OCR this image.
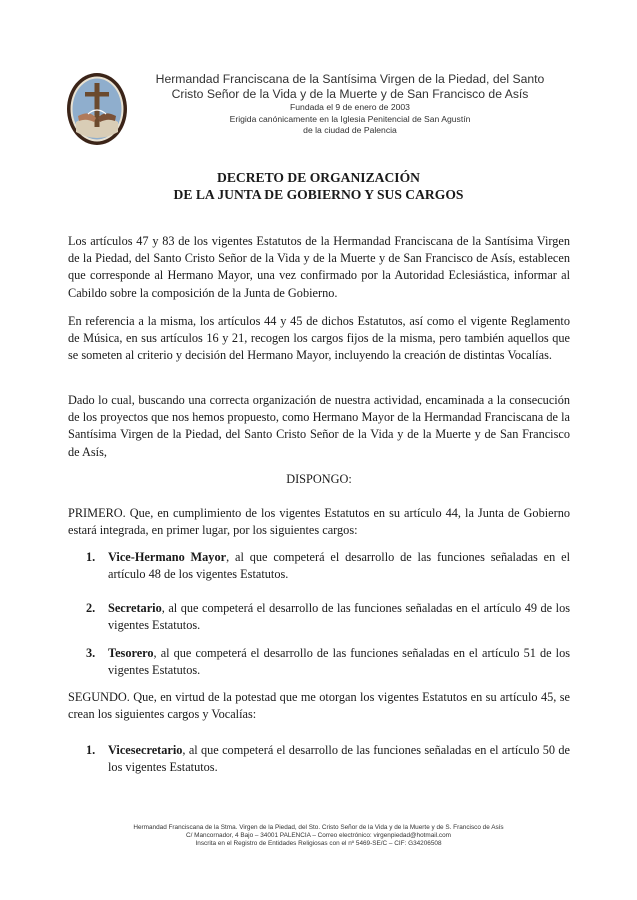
Hermandad Franciscana de la Santísima Virgen de la Piedad, del Santo
Cristo Señor de la Vida y de la Muerte y de San Francisco de Asís
Fundada el 9 de enero de 2003
Erigida canónicamente en la Iglesia Penitencial de San Agustín
de la ciudad de Palencia
DECRETO DE ORGANIZACIÓN
DE LA JUNTA DE GOBIERNO Y SUS CARGOS

Los artículos 47 y 83 de los vigentes Estatutos de la Hermandad Franciscana de la Santísima Virgen de la Piedad, del Santo Cristo Señor de la Vida y de la Muerte y de San Francisco de Asís, establecen que corresponde al Hermano Mayor, una vez confirmado por la Autoridad Eclesiástica, informar al Cabildo sobre la composición de la Junta de Gobierno.

En referencia a la misma, los artículos 44 y 45 de dichos Estatutos, así como el vigente Reglamento de Música, en sus artículos 16 y 21, recogen los cargos fijos de la misma, pero también aquellos que se someten al criterio y decisión del Hermano Mayor, incluyendo la creación de distintas Vocalías.

Dado lo cual, buscando una correcta organización de nuestra actividad, encaminada a la consecución de los proyectos que nos hemos propuesto, como Hermano Mayor de la Hermandad Franciscana de la Santísima Virgen de la Piedad, del Santo Cristo Señor de la Vida y de la Muerte y de San Francisco de Asís,

DISPONGO:

PRIMERO. Que, en cumplimiento de los vigentes Estatutos en su artículo 44, la Junta de Gobierno estará integrada, en primer lugar, por los siguientes cargos:

1. Vice-Hermano Mayor, al que competerá el desarrollo de las funciones señaladas en el artículo 48 de los vigentes Estatutos.
2. Secretario, al que competerá el desarrollo de las funciones señaladas en el artículo 49 de los vigentes Estatutos.
3. Tesorero, al que competerá el desarrollo de las funciones señaladas en el artículo 51 de los vigentes Estatutos.

SEGUNDO. Que, en virtud de la potestad que me otorgan los vigentes Estatutos en su artículo 45, se crean los siguientes cargos y Vocalías:

1. Vicesecretario, al que competerá el desarrollo de las funciones señaladas en el artículo 50 de los vigentes Estatutos.
Hermandad Franciscana de la Stma. Virgen de la Piedad, del Sto. Cristo Señor de la Vida y de la Muerte y de S. Francisco de Asís
C/ Mancornador, 4 Bajo – 34001 PALENCIA – Correo electrónico: virgenpiedad@hotmail.com
Inscrita en el Registro de Entidades Religiosas con el nº 5469-SE/C – CIF: G34206508
